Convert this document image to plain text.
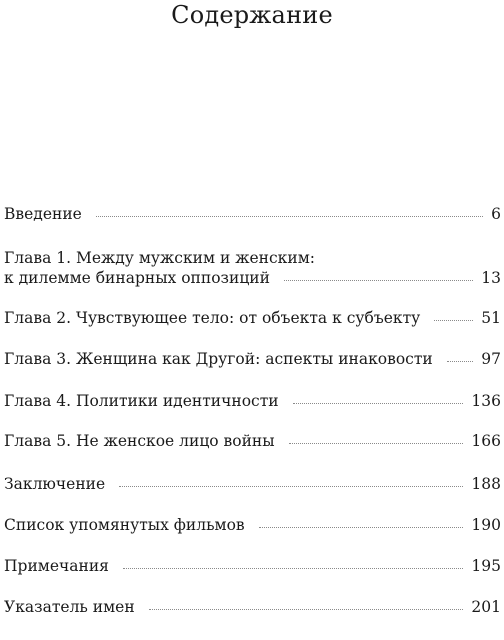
Содержание
Введение	6
Глава 1. Между мужским и женским:
к дилемме бинарных оппозиций	13
Глава 2. Чувствующее тело: от объекта к субъекту	51
Глава 3. Женщина как Другой: аспекты инаковости	97
Глава 4. Политики идентичности	136
Глава 5. Не женское лицо войны	166
Заключение	188
Список упомянутых фильмов	190
Примечания	195
Указатель имен	201
